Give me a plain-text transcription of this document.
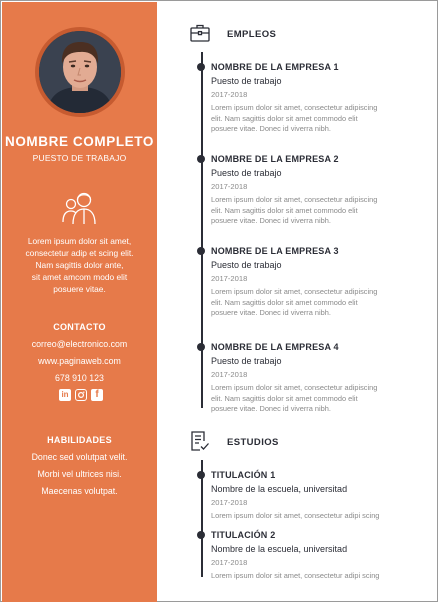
NOMBRE COMPLETO
PUESTO DE TRABAJO
Lorem ipsum dolor sit amet,
consectetur adip et scing elit.
Nam sagittis dolor ante,
sit amet amcom modo elit
posuere vitae.
CONTACTO
correo@electronico.com
www.paginaweb.com
678 910 123
in	f
HABILIDADES
Donec sed volutpat velit.
Morbi vel ultrices nisi.
Maecenas volutpat.
EMPLEOS
NOMBRE DE LA EMPRESA 1
Puesto de trabajo
2017-2018
Lorem ipsum dolor sit amet, consectetur adipiscing
elit. Nam sagittis dolor sit amet commodo elit
posuere vitae. Donec id viverra nibh.
NOMBRE DE LA EMPRESA 2
Puesto de trabajo
2017-2018
Lorem ipsum dolor sit amet, consectetur adipiscing
elit. Nam sagittis dolor sit amet commodo elit
posuere vitae. Donec id viverra nibh.
NOMBRE DE LA EMPRESA 3
Puesto de trabajo
2017-2018
Lorem ipsum dolor sit amet, consectetur adipiscing
elit. Nam sagittis dolor sit amet commodo elit
posuere vitae. Donec id viverra nibh.
NOMBRE DE LA EMPRESA 4
Puesto de trabajo
2017-2018
Lorem ipsum dolor sit amet, consectetur adipiscing
elit. Nam sagittis dolor sit amet commodo elit
posuere vitae. Donec id viverra nibh.
ESTUDIOS
TITULACIÓN 1
Nombre de la escuela, universitad
2017-2018
Lorem ipsum dolor sit amet, consectetur adipi scing
TITULACIÓN 2
Nombre de la escuela, universitad
2017-2018
Lorem ipsum dolor sit amet, consectetur adipi scing
